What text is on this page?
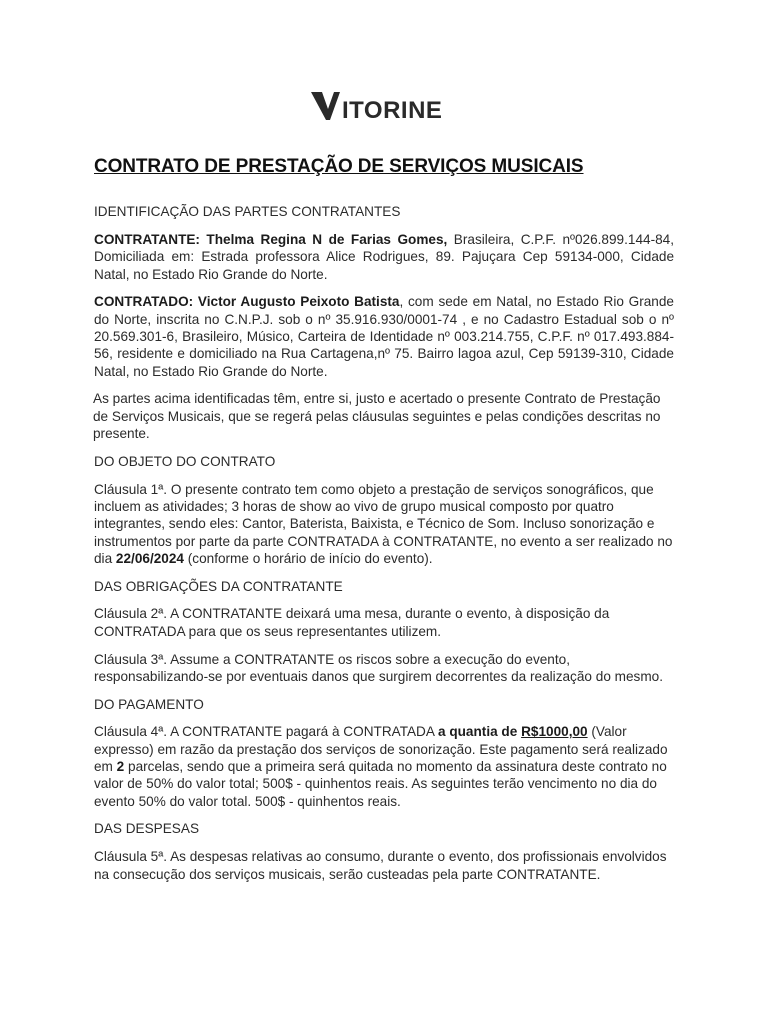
ITORINE
CONTRATO DE PRESTAÇÃO DE SERVIÇOS MUSICAIS

IDENTIFICAÇÃO DAS PARTES CONTRATANTES

CONTRATANTE: Thelma Regina N de Farias Gomes, Brasileira, C.P.F. nº026.899.144-84, Domiciliada em: Estrada professora Alice Rodrigues, 89. Pajuçara Cep 59134-000, Cidade Natal, no Estado Rio Grande do Norte.

CONTRATADO: Victor Augusto Peixoto Batista, com sede em Natal, no Estado Rio Grande do Norte, inscrita no C.N.P.J. sob o nº 35.916.930/0001-74 , e no Cadastro Estadual sob o nº 20.569.301-6, Brasileiro, Músico, Carteira de Identidade nº 003.214.755, C.P.F. nº 017.493.884-56, residente e domiciliado na Rua Cartagena,nº 75. Bairro lagoa azul, Cep 59139-310, Cidade Natal, no Estado Rio Grande do Norte.

As partes acima identificadas têm, entre si, justo e acertado o presente Contrato de Prestação de Serviços Musicais, que se regerá pelas cláusulas seguintes e pelas condições descritas no presente.

DO OBJETO DO CONTRATO

Cláusula 1ª. O presente contrato tem como objeto a prestação de serviços sonográficos, que incluem as atividades; 3 horas de show ao vivo de grupo musical composto por quatro integrantes, sendo eles: Cantor, Baterista, Baixista, e Técnico de Som. Incluso sonorização e instrumentos por parte da parte CONTRATADA à CONTRATANTE, no evento a ser realizado no dia 22/06/2024 (conforme o horário de início do evento).

DAS OBRIGAÇÕES DA CONTRATANTE

Cláusula 2ª. A CONTRATANTE deixará uma mesa, durante o evento, à disposição da CONTRATADA para que os seus representantes utilizem.

Cláusula 3ª. Assume a CONTRATANTE os riscos sobre a execução do evento, responsabilizando-se por eventuais danos que surgirem decorrentes da realização do mesmo.

DO PAGAMENTO

Cláusula 4ª. A CONTRATANTE pagará à CONTRATADA a quantia de R$1000,00 (Valor expresso) em razão da prestação dos serviços de sonorização. Este pagamento será realizado em 2 parcelas, sendo que a primeira será quitada no momento da assinatura deste contrato no valor de 50% do valor total; 500$ - quinhentos reais. As seguintes terão vencimento no dia do evento 50% do valor total. 500$ - quinhentos reais.

DAS DESPESAS

Cláusula 5ª. As despesas relativas ao consumo, durante o evento, dos profissionais envolvidos na consecução dos serviços musicais, serão custeadas pela parte CONTRATANTE.
